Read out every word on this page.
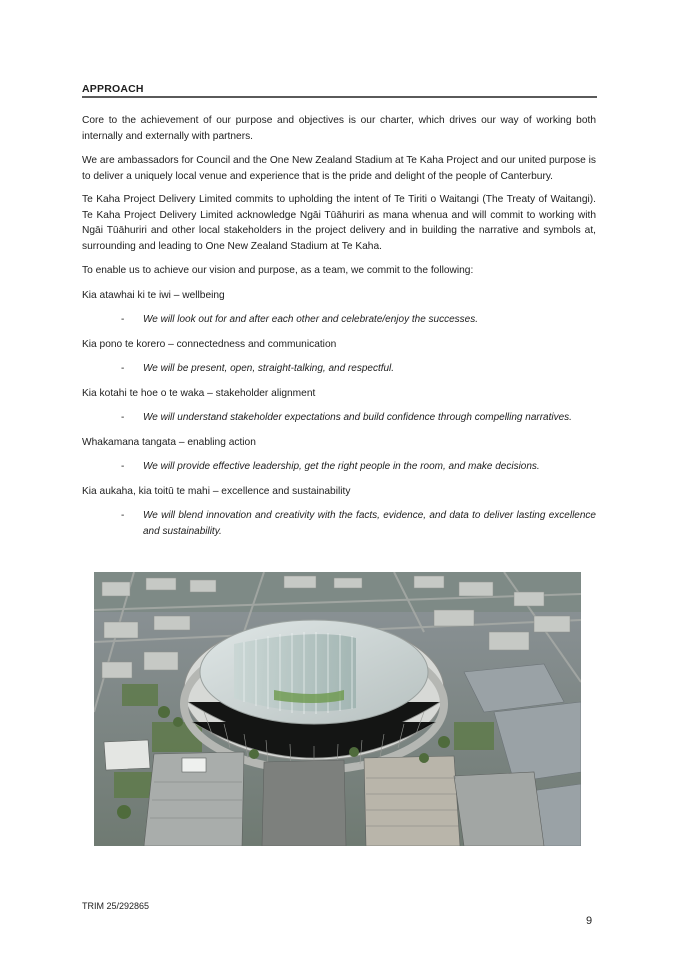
APPROACH
Core to the achievement of our purpose and objectives is our charter, which drives our way of working both internally and externally with partners.
We are ambassadors for Council and the One New Zealand Stadium at Te Kaha Project and our united purpose is to deliver a uniquely local venue and experience that is the pride and delight of the people of Canterbury.
Te Kaha Project Delivery Limited commits to upholding the intent of Te Tiriti o Waitangi (The Treaty of Waitangi). Te Kaha Project Delivery Limited acknowledge Ngāi Tūāhuriri as mana whenua and will commit to working with Ngāi Tūāhuriri and other local stakeholders in the project delivery and in building the narrative and symbols at, surrounding and leading to One New Zealand Stadium at Te Kaha.
To enable us to achieve our vision and purpose, as a team, we commit to the following:
Kia atawhai ki te iwi – wellbeing
- We will look out for and after each other and celebrate/enjoy the successes.
Kia pono te korero – connectedness and communication
- We will be present, open, straight-talking, and respectful.
Kia kotahi te hoe o te waka – stakeholder alignment
- We will understand stakeholder expectations and build confidence through compelling narratives.
Whakamana tangata – enabling action
- We will provide effective leadership, get the right people in the room, and make decisions.
Kia aukaha, kia toitū te mahi – excellence and sustainability
- We will blend innovation and creativity with the facts, evidence, and data to deliver lasting excellence and sustainability.
TRIM 25/292865
9
